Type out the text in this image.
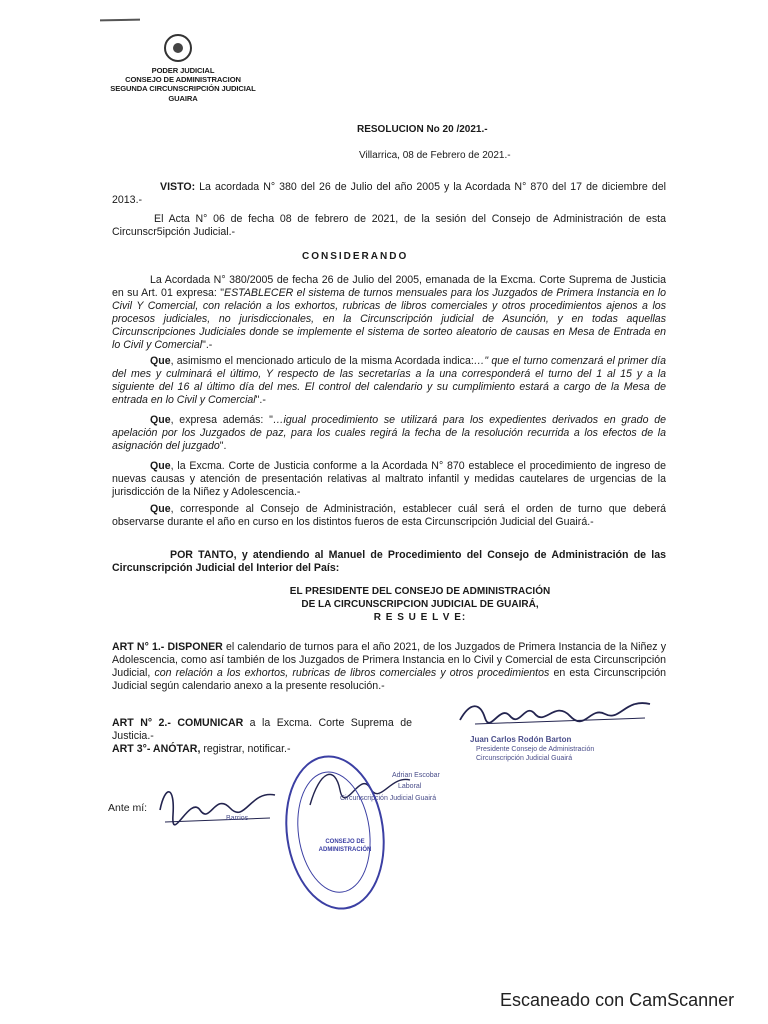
PODER JUDICIAL
CONSEJO DE ADMINISTRACION
SEGUNDA CIRCUNSCRIPCIÓN JUDICIAL
GUAIRA
RESOLUCION No 20 /2021.-
Villarrica, 08 de Febrero de 2021.-
VISTO: La acordada N° 380 del 26 de Julio del año 2005 y la Acordada N° 870 del 17 de diciembre del 2013.-
El Acta N° 06 de fecha 08 de febrero de 2021, de la sesión del Consejo de Administración de esta Circunscr5ipción Judicial.-
CONSIDERANDO
La Acordada N° 380/2005 de fecha 26 de Julio del 2005, emanada de la Excma. Corte Suprema de Justicia en su Art. 01 expresa: "ESTABLECER el sistema de turnos mensuales para los Juzgados de Primera Instancia en lo Civil Y Comercial, con relación a los exhortos, rubricas de libros comerciales y otros procedimientos ajenos a los procesos judiciales, no jurisdiccionales, en la Circunscripción judicial de Asunción, y en todas aquellas Circunscripciones Judiciales donde se implemente el sistema de sorteo aleatorio de causas en Mesa de Entrada en lo Civil y Comercial".-
Que, asimismo el mencionado articulo de la misma Acordada indica:…" que el turno comenzará el primer día del mes y culminará el último, Y respecto de las secretarías a la una corresponderá el turno del 1 al 15 y a la siguiente del 16 al último día del mes. El control del calendario y su cumplimiento estará a cargo de la Mesa de entrada en lo Civil y Comercial".-
Que, expresa además: "…igual procedimiento se utilizará para los expedientes derivados en grado de apelación por los Juzgados de paz, para los cuales regirá la fecha de la resolución recurrida a los efectos de la asignación del juzgado".
Que, la Excma. Corte de Justicia conforme a la Acordada N° 870 establece el procedimiento de ingreso de nuevas causas y atención de presentación relativas al maltrato infantil y medidas cautelares de urgencias de la jurisdicción de la Niñez y Adolescencia.-
Que, corresponde al Consejo de Administración, establecer cuál será el orden de turno que deberá observarse durante el año en curso en los distintos fueros de esta Circunscripción Judicial del Guairá.-
POR TANTO, y atendiendo al Manuel de Procedimiento del Consejo de Administración de las Circunscripción Judicial del Interior del País:
EL PRESIDENTE DEL CONSEJO DE ADMINISTRACIÓN
DE LA CIRCUNSCRIPCION JUDICIAL DE GUAIRÁ,
R E S U E L V E:
ART N° 1.- DISPONER el calendario de turnos para el año 2021, de los Juzgados de Primera Instancia de la Niñez y Adolescencia, como así también de los Juzgados de Primera Instancia en lo Civil y Comercial de esta Circunscripción Judicial, con relación a los exhortos, rubricas de libros comerciales y otros procedimientos en esta Circunscripción Judicial según calendario anexo a la presente resolución.-
ART N° 2.- COMUNICAR a la Excma. Corte Suprema de Justicia.-
ART 3°- ANÓTAR, registrar, notificar.-
Juan Carlos Rodón Barton
Presidente Consejo de Administración
Circunscripción Judicial Guairá
Adrian Escobar
Laboral
Circunscripción Judicial Guairá
CONSEJO DE ADMINISTRACIÓN
Ante mí:
Barrios
Escaneado con CamScanner
